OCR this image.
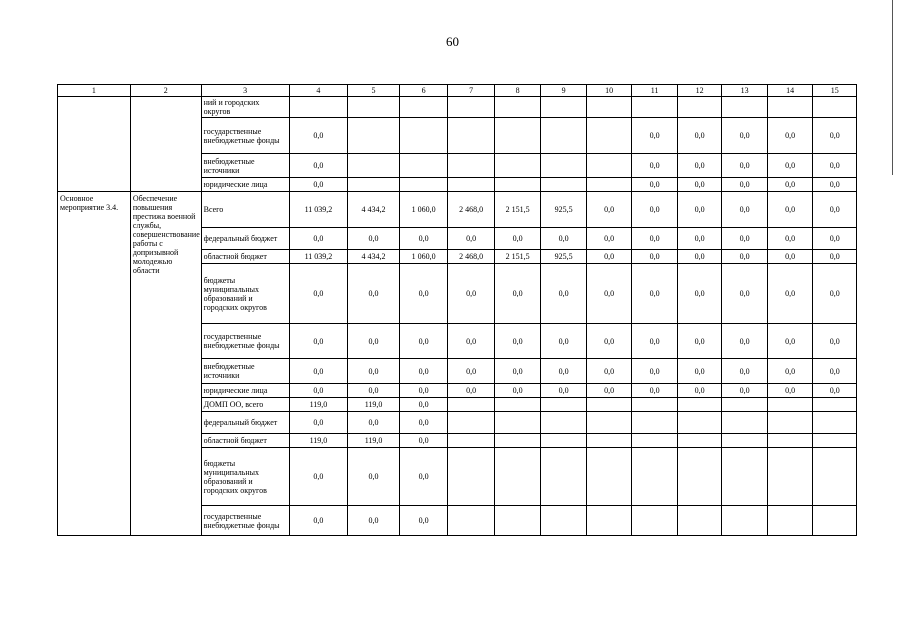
60
1	2	3	4	5	6	7	8	9	10	11	12	13	14	15
		ний и городских округов												
		государственные внебюджетные фонды	0,0							0,0	0,0	0,0	0,0	0,0
		внебюджетные источники	0,0							0,0	0,0	0,0	0,0	0,0
		юридические лица	0,0							0,0	0,0	0,0	0,0	0,0
Основное мероприятие 3.4.	Обеспечение повышения престижа военной службы, совершенствование работы с допризывной молодежью области	Всего	11 039,2	4 434,2	1 060,0	2 468,0	2 151,5	925,5	0,0	0,0	0,0	0,0	0,0	0,0
		федеральный бюджет	0,0	0,0	0,0	0,0	0,0	0,0	0,0	0,0	0,0	0,0	0,0	0,0
		областной бюджет	11 039,2	4 434,2	1 060,0	2 468,0	2 151,5	925,5	0,0	0,0	0,0	0,0	0,0	0,0
		бюджеты муниципальных образований и городских округов	0,0	0,0	0,0	0,0	0,0	0,0	0,0	0,0	0,0	0,0	0,0	0,0
		государственные внебюджетные фонды	0,0	0,0	0,0	0,0	0,0	0,0	0,0	0,0	0,0	0,0	0,0	0,0
		внебюджетные источники	0,0	0,0	0,0	0,0	0,0	0,0	0,0	0,0	0,0	0,0	0,0	0,0
		юридические лица	0,0	0,0	0,0	0,0	0,0	0,0	0,0	0,0	0,0	0,0	0,0	0,0
		ДОМП ОО, всего	119,0	119,0	0,0									
		федеральный бюджет	0,0	0,0	0,0									
		областной бюджет	119,0	119,0	0,0									
		бюджеты муниципальных образований и городских округов	0,0	0,0	0,0									
		государственные внебюджетные фонды	0,0	0,0	0,0									
